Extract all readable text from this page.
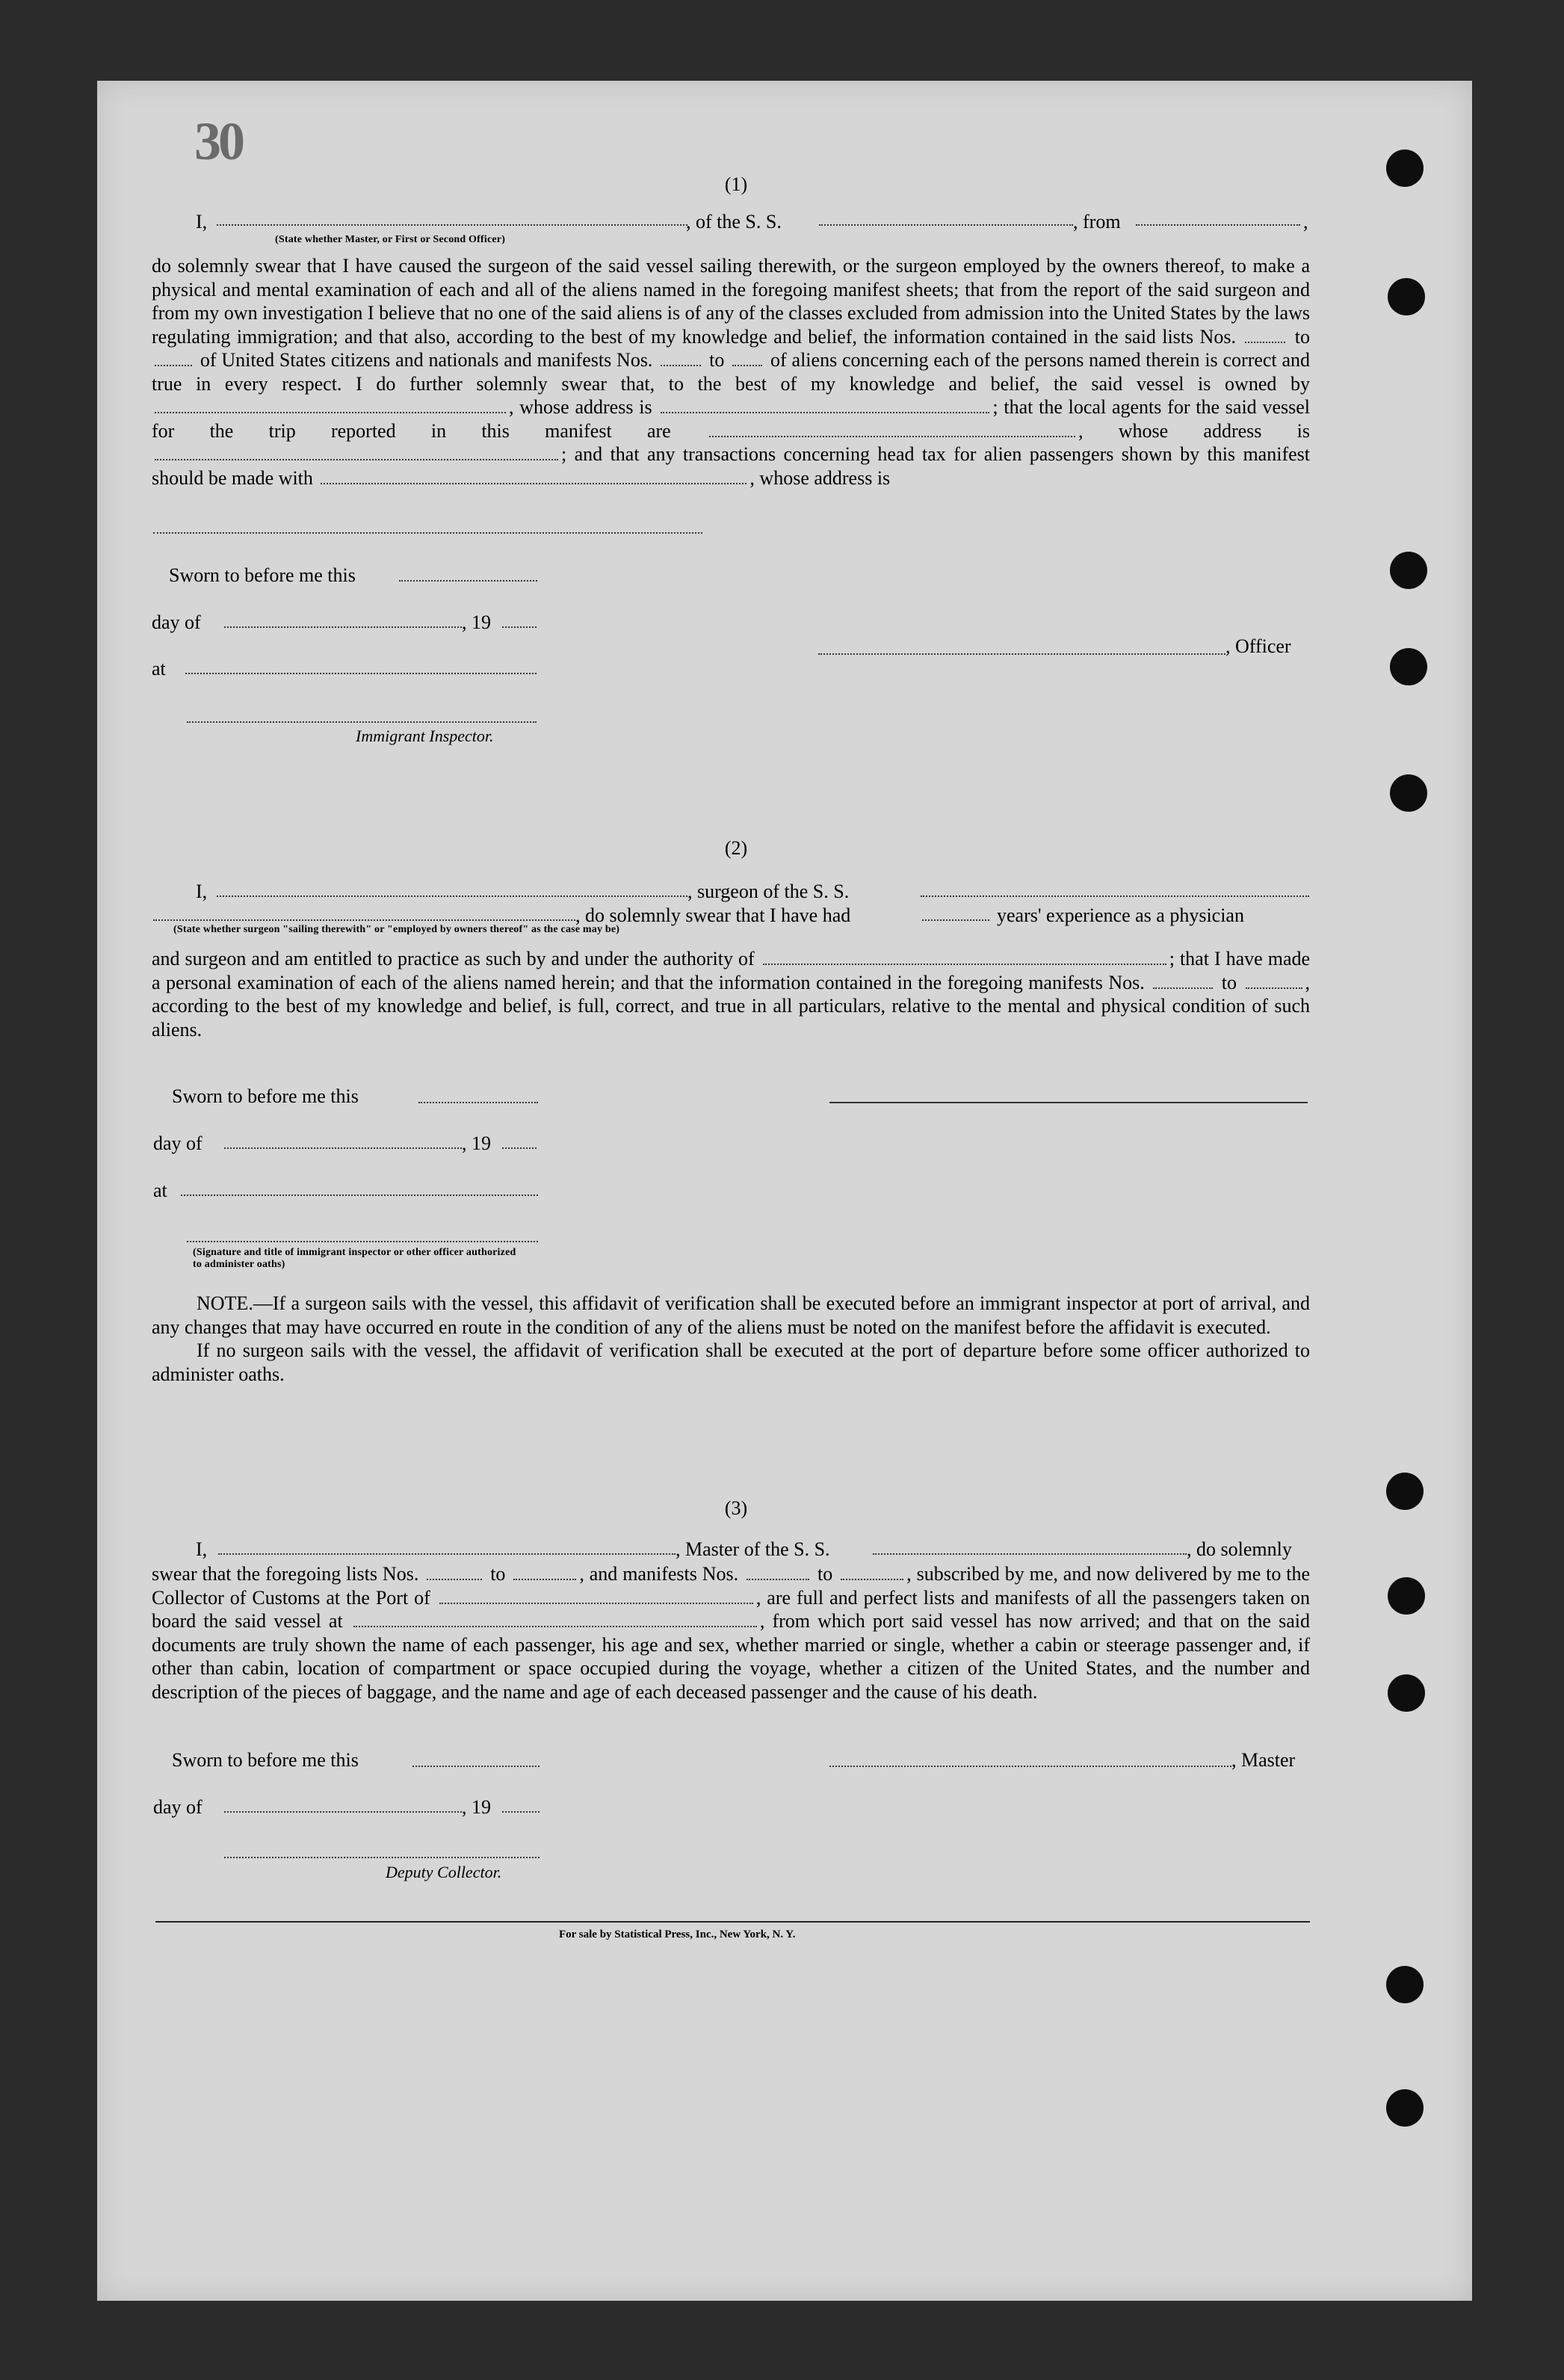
30
(1)
I,	, of the S. S.	, from	,
(State whether Master, or First or Second Officer)
do solemnly swear that I have caused the surgeon of the said vessel sailing therewith, or the surgeon employed by the owners thereof, to make a physical and mental examination of each and all of the aliens named in the foregoing manifest sheets; that from the report of the said surgeon and from my own investigation I believe that no one of the said aliens is of any of the classes excluded from admission into the United States by the laws regulating immigration; and that also, according to the best of my knowledge and belief, the information contained in the said lists Nos.	to  of United States citizens and nationals and manifests Nos.	to of aliens concerning each of the persons named therein is correct and true in every respect. I do further solemnly swear that, to the best of my knowledge and belief, the said vessel is owned by , whose address is	; that the local agents for the said vessel for the trip reported in this manifest are	, whose address is ; and that any transactions concerning head tax for alien passengers shown by this manifest should be made with	, whose address is
Sworn to before me this
day of	, 19
at
, Officer
Immigrant Inspector.
(2)
I,	, surgeon of the S. S.
, do solemnly swear that I have had	years' experience as a physician
(State whether surgeon "sailing therewith" or "employed by owners thereof" as the case may be)
and surgeon and am entitled to practice as such by and under the authority of	; that I have made a personal examination of each of the aliens named herein; and that the information contained in the foregoing manifests Nos.	to	, according to the best of my knowledge and belief, is full, correct, and true in all particulars, relative to the mental and physical condition of such aliens.
Sworn to before me this
day of	, 19
at
(Signature and title of immigrant inspector or other officer authorized to administer oaths)
NOTE.—If a surgeon sails with the vessel, this affidavit of verification shall be executed before an immigrant inspector at port of arrival, and any changes that may have occurred en route in the condition of any of the aliens must be noted on the manifest before the affidavit is executed.
If no surgeon sails with the vessel, the affidavit of verification shall be executed at the port of departure before some officer authorized to administer oaths.
(3)
I,	, Master of the S. S.	, do solemnly
swear that the foregoing lists Nos.	to	, and manifests Nos.	to	, subscribed by me, and now delivered by me to the Collector of Customs at the Port of	, are full and perfect lists and manifests of all the passengers taken on board the said vessel at	, from which port said vessel has now arrived; and that on the said documents are truly shown the name of each passenger, his age and sex, whether married or single, whether a cabin or steerage passenger and, if other than cabin, location of compartment or space occupied during the voyage, whether a citizen of the United States, and the number and description of the pieces of baggage, and the name and age of each deceased passenger and the cause of his death.
Sworn to before me this	, Master
day of	, 19
Deputy Collector.
For sale by Statistical Press, Inc., New York, N. Y.
